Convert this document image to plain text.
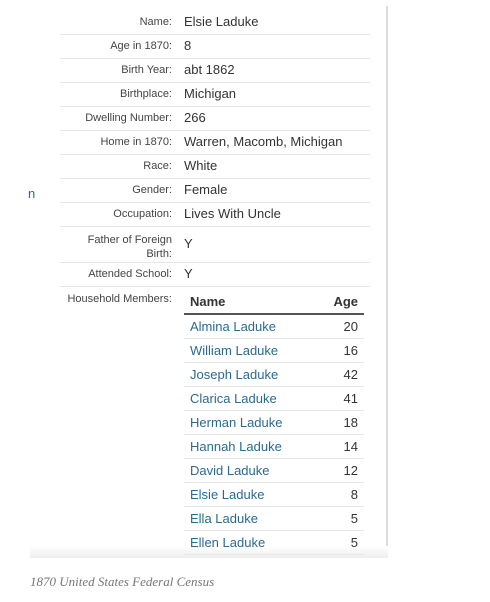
n
Name: Elsie Laduke
Age in 1870: 8
Birth Year: abt 1862
Birthplace: Michigan
Dwelling Number: 266
Home in 1870: Warren, Macomb, Michigan
Race: White
Gender: Female
Occupation: Lives With Uncle
Father of Foreign Birth:
Y
Attended School: Y
Household Members: Name	Age
Almina Laduke	20
William Laduke	16
Joseph Laduke	42
Clarica Laduke	41
Herman Laduke	18
Hannah Laduke	14
David Laduke	12
Elsie Laduke	8
Ella Laduke	5
Ellen Laduke	5
1870 United States Federal Census
